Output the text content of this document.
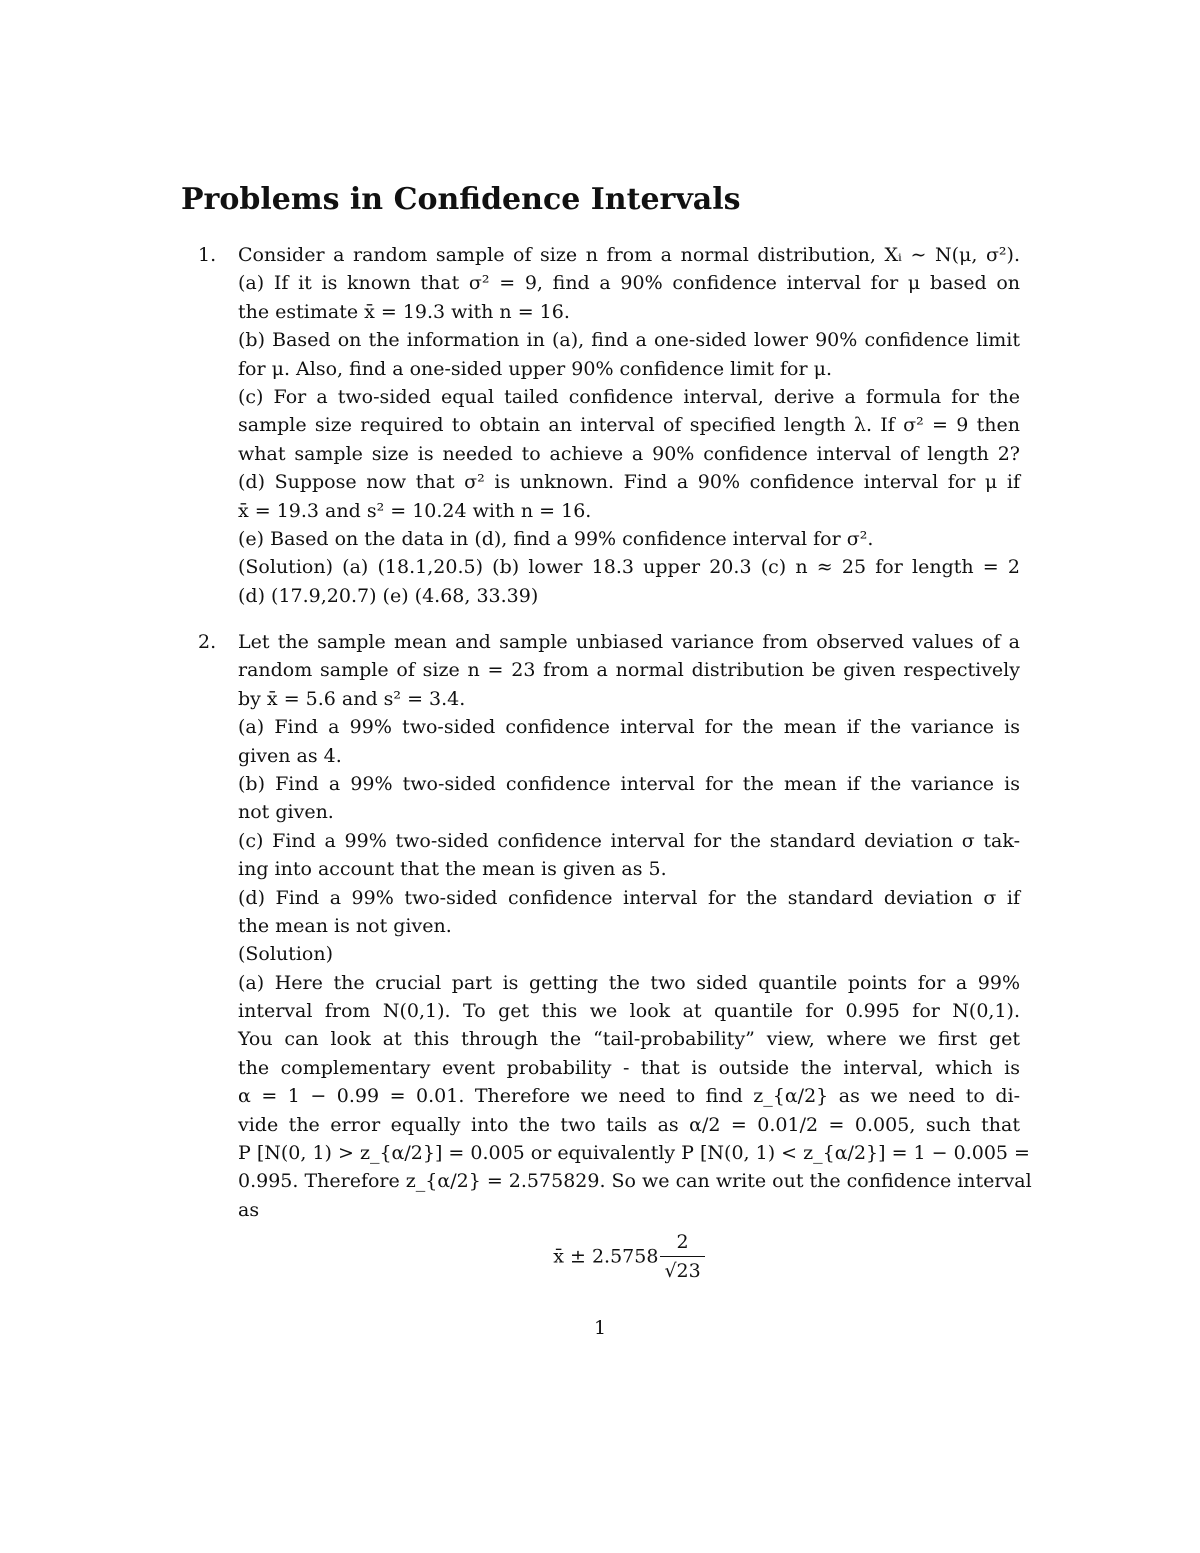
Problems in Confidence Intervals
1.	Consider a random sample of size n from a normal distribution, Xᵢ ∼ N(μ, σ²).
(a) If it is known that σ² = 9, find a 90% confidence interval for μ based on
the estimate x̄ = 19.3 with n = 16.
(b) Based on the information in (a), find a one-sided lower 90% confidence limit
for μ. Also, find a one-sided upper 90% confidence limit for μ.
(c) For a two-sided equal tailed confidence interval, derive a formula for the
sample size required to obtain an interval of specified length λ. If σ² = 9 then
what sample size is needed to achieve a 90% confidence interval of length 2?
(d) Suppose now that σ² is unknown. Find a 90% confidence interval for μ if
x̄ = 19.3 and s² = 10.24 with n = 16.
(e) Based on the data in (d), find a 99% confidence interval for σ².
(Solution) (a) (18.1,20.5) (b) lower 18.3 upper 20.3 (c) n ≈ 25 for length = 2
(d) (17.9,20.7) (e) (4.68, 33.39)
2.	Let the sample mean and sample unbiased variance from observed values of a
random sample of size n = 23 from a normal distribution be given respectively
by x̄ = 5.6 and s² = 3.4.
(a) Find a 99% two-sided confidence interval for the mean if the variance is
given as 4.
(b) Find a 99% two-sided confidence interval for the mean if the variance is
not given.
(c) Find a 99% two-sided confidence interval for the standard deviation σ tak-
ing into account that the mean is given as 5.
(d) Find a 99% two-sided confidence interval for the standard deviation σ if
the mean is not given.
(Solution)
(a) Here the crucial part is getting the two sided quantile points for a 99%
interval from N(0,1). To get this we look at quantile for 0.995 for N(0,1).
You can look at this through the “tail-probability” view, where we first get
the complementary event probability - that is outside the interval, which is
α = 1 − 0.99 = 0.01. Therefore we need to find z_{α/2} as we need to di-
vide the error equally into the two tails as α/2 = 0.01/2 = 0.005, such that
P [N(0, 1) > z_{α/2}] = 0.005 or equivalently P [N(0, 1) < z_{α/2}] = 1 − 0.005 =
0.995. Therefore z_{α/2} = 2.575829. So we can write out the confidence interval
as
x̄ ± $2.5758 \frac{2}{√23}$
1
